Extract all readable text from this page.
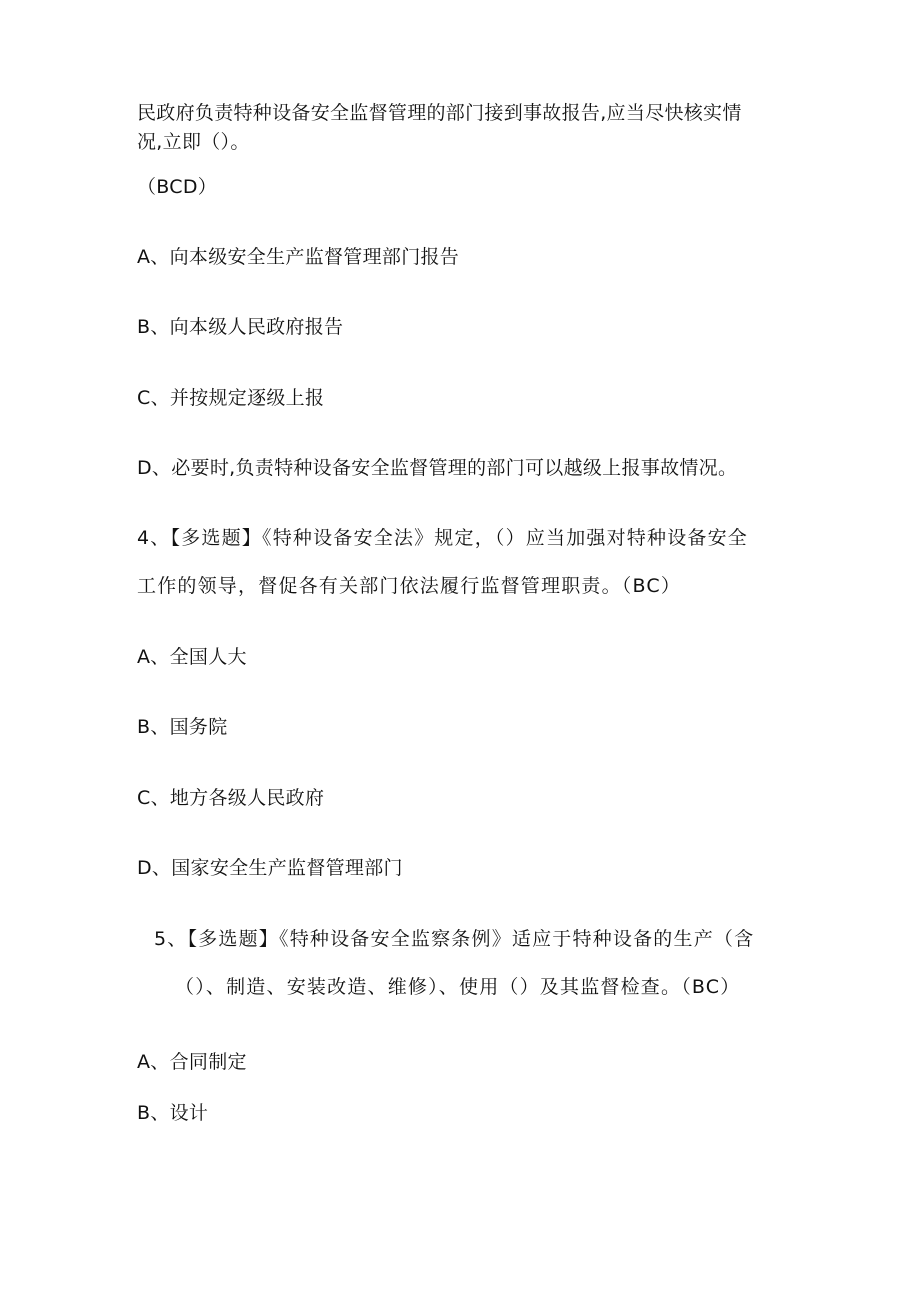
民政府负责特种设备安全监督管理的部门接到事故报告,应当尽快核实情
况,立即（）。
（BCD）
A、向本级安全生产监督管理部门报告
B、向本级人民政府报告
C、并按规定逐级上报
D、必要时,负责特种设备安全监督管理的部门可以越级上报事故情况。
4、【多选题】《特种设备安全法》规定，（）应当加强对特种设备安全
工作的领导，督促各有关部门依法履行监督管理职责。（BC）
A、全国人大
B、国务院
C、地方各级人民政府
D、国家安全生产监督管理部门
5、【多选题】《特种设备安全监察条例》适应于特种设备的生产（含
（）、制造、安装改造、维修）、使用（）及其监督检查。（BC）
A、合同制定
B、设计
